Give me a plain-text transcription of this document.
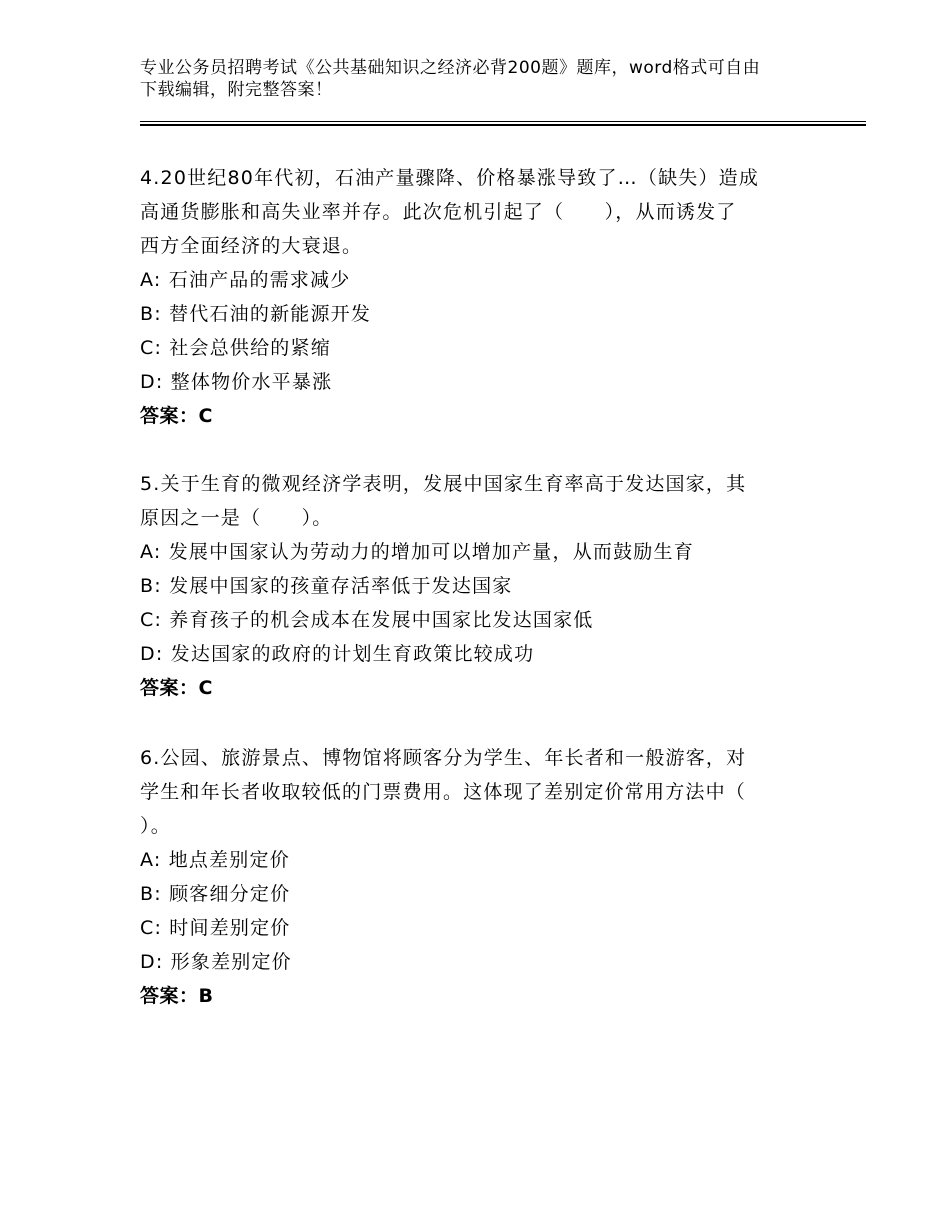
专业公务员招聘考试《公共基础知识之经济必背200题》题库，word格式可自由
下载编辑，附完整答案！
4.20世纪80年代初，石油产量骤降、价格暴涨导致了…（缺失）造成
高通货膨胀和高失业率并存。此次危机引起了（　　），从而诱发了
西方全面经济的大衰退。
A: 石油产品的需求减少
B: 替代石油的新能源开发
C: 社会总供给的紧缩
D: 整体物价水平暴涨
答案：C
5.关于生育的微观经济学表明，发展中国家生育率高于发达国家，其
原因之一是（　　）。
A: 发展中国家认为劳动力的增加可以增加产量，从而鼓励生育
B: 发展中国家的孩童存活率低于发达国家
C: 养育孩子的机会成本在发展中国家比发达国家低
D: 发达国家的政府的计划生育政策比较成功
答案：C
6.公园、旅游景点、博物馆将顾客分为学生、年长者和一般游客，对
学生和年长者收取较低的门票费用。这体现了差别定价常用方法中（
）。
A: 地点差别定价
B: 顾客细分定价
C: 时间差别定价
D: 形象差别定价
答案：B
